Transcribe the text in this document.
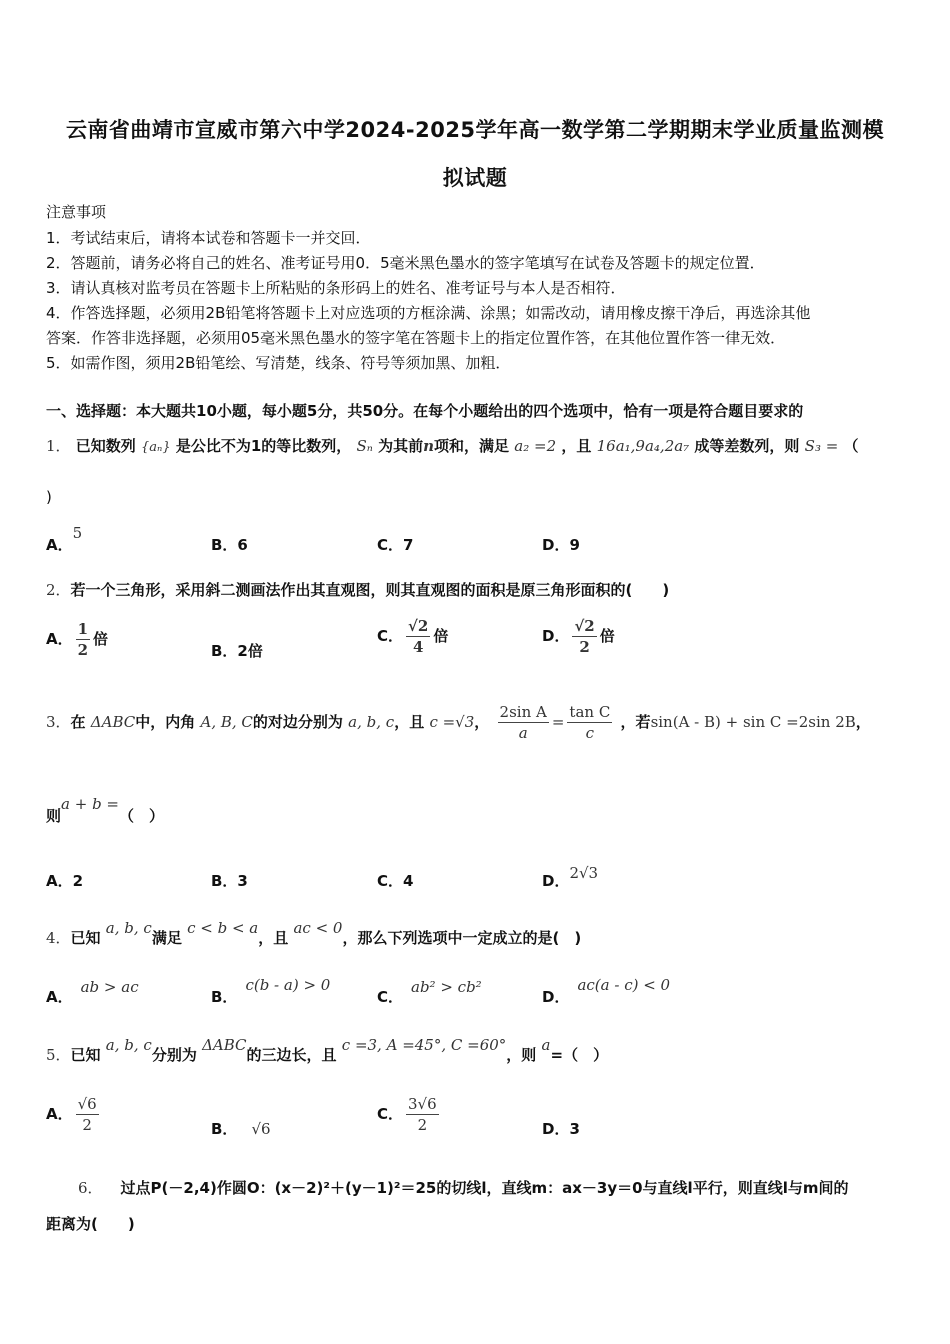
云南省曲靖市宣威市第六中学2024-2025学年高一数学第二学期期末学业质量监测模
拟试题
注意事项
1．考试结束后，请将本试卷和答题卡一并交回．
2．答题前，请务必将自己的姓名、准考证号用0．5毫米黑色墨水的签字笔填写在试卷及答题卡的规定位置．
3．请认真核对监考员在答题卡上所粘贴的条形码上的姓名、准考证号与本人是否相符．
4．作答选择题，必须用2B铅笔将答题卡上对应选项的方框涂满、涂黑；如需改动，请用橡皮擦干净后，再选涂其他
答案．作答非选择题，必须用05毫米黑色墨水的签字笔在答题卡上的指定位置作答，在其他位置作答一律无效．
5．如需作图，须用2B铅笔绘、写清楚，线条、符号等须加黑、加粗．
一、选择题：本大题共10小题，每小题5分，共50分。在每个小题给出的四个选项中，恰有一项是符合题目要求的
1． 已知数列 {aₙ} 是公比不为1的等比数列， Sₙ 为其前n项和，满足 a₂ =2 ，且 16a₁,9a₄,2a₇ 成等差数列，则 S₃ = （
)
A．5
B．6	C．7	D．9
2．若一个三角形，采用斜二测画法作出其直观图，则其直观图的面积是原三角形面积的(　　)
A． $\frac{1}{2}$ 倍
B．2倍
C． $\frac{√2}{4}$ 倍	D． $\frac{√2}{2}$ 倍
3．在 ΔABC中，内角 A, B, C的对边分别为 a, b, c，且 c =√3， $\frac{\text{2sin A}}{a} = \frac{\text{tan C}}{c}$ ，若sin(A - B) + sin C =2sin 2B，
则a + b =（　）
A．2	B．3	C．4	D．2√3
4．已知 a, b, c满足 c < b < a，且 ac < 0，那么下列选项中一定成立的是(　)
A．ab > ac
B．c(b - a) > 0
C．ab² > cb²
D．ac(a - c) < 0
5．已知 a, b, c分别为 ΔABC的三边长，且 c =3, A =45°, C =60°，则 a=（　）
A． $\frac{√6}{2}$	B． √6
C． $\frac{3√6}{2}$	D．3
6． 过点P(－2,4)作圆O：(x－2)²＋(y－1)²＝25的切线l，直线m：ax－3y＝0与直线l平行，则直线l与m间的
距离为(　　)
